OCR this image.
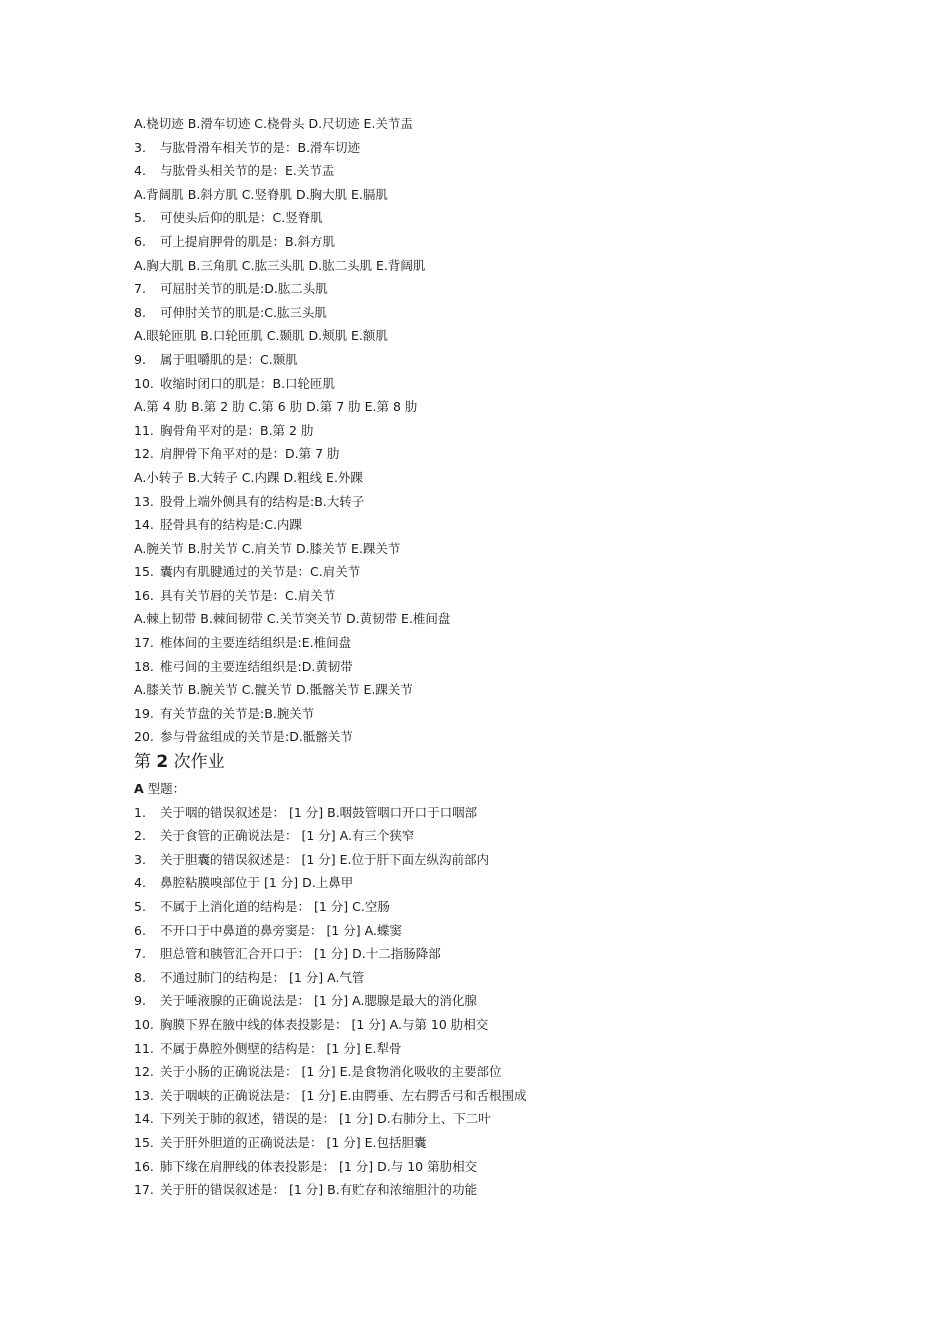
A.桡切迹 B.滑车切迹 C.桡骨头 D.尺切迹 E.关节盂
3.	与肱骨滑车相关节的是：B.滑车切迹
4.	与肱骨头相关节的是：E.关节盂
A.背阔肌 B.斜方肌 C.竖脊肌 D.胸大肌 E.膈肌
5.	可使头后仰的肌是：C.竖脊肌
6.	可上提肩胛骨的肌是：B.斜方肌
A.胸大肌 B.三角肌 C.肱三头肌 D.肱二头肌 E.背阔肌
7.	可屈肘关节的肌是:D.肱二头肌
8.	可伸肘关节的肌是:C.肱三头肌
A.眼轮匝肌 B.口轮匝肌 C.颞肌 D.颊肌 E.额肌
9.	属于咀嚼肌的是：C.颞肌
10. 收缩时闭口的肌是：B.口轮匝肌
A.第 4 肋 B.第 2 肋 C.第 6 肋 D.第 7 肋 E.第 8 肋
11. 胸骨角平对的是：B.第 2 肋
12. 肩胛骨下角平对的是：D.第 7 肋
A.小转子 B.大转子 C.内踝 D.粗线 E.外踝
13. 股骨上端外侧具有的结构是:B.大转子
14. 胫骨具有的结构是:C.内踝
A.腕关节 B.肘关节 C.肩关节 D.膝关节 E.踝关节
15. 囊内有肌腱通过的关节是：C.肩关节
16. 具有关节唇的关节是：C.肩关节
A.棘上韧带 B.棘间韧带 C.关节突关节 D.黄韧带 E.椎间盘
17. 椎体间的主要连结组织是:E.椎间盘
18. 椎弓间的主要连结组织是:D.黄韧带
A.膝关节 B.腕关节 C.髋关节 D.骶髂关节 E.踝关节
19. 有关节盘的关节是:B.腕关节
20. 参与骨盆组成的关节是:D.骶髂关节
第 2 次作业
A 型题：
1.	关于咽的错误叙述是： [1 分] B.咽鼓管咽口开口于口咽部
2.	关于食管的正确说法是： [1 分] A.有三个狭窄
3.	关于胆囊的错误叙述是： [1 分] E.位于肝下面左纵沟前部内
4.	鼻腔粘膜嗅部位于 [1 分] D.上鼻甲
5.	不属于上消化道的结构是： [1 分] C.空肠
6.	不开口于中鼻道的鼻旁窦是： [1 分] A.蝶窦
7.	胆总管和胰管汇合开口于： [1 分] D.十二指肠降部
8.	不通过肺门的结构是： [1 分] A.气管
9.	关于唾液腺的正确说法是： [1 分] A.腮腺是最大的消化腺
10. 胸膜下界在腋中线的体表投影是： [1 分] A.与第 10 肋相交
11. 不属于鼻腔外侧壁的结构是： [1 分] E.犁骨
12. 关于小肠的正确说法是： [1 分] E.是食物消化吸收的主要部位
13. 关于咽峡的正确说法是： [1 分] E.由腭垂、左右腭舌弓和舌根围成
14. 下列关于肺的叙述，错误的是： [1 分] D.右肺分上、下二叶
15. 关于肝外胆道的正确说法是： [1 分] E.包括胆囊
16. 肺下缘在肩胛线的体表投影是： [1 分] D.与 10 第肋相交
17. 关于肝的错误叙述是： [1 分] B.有贮存和浓缩胆汁的功能
